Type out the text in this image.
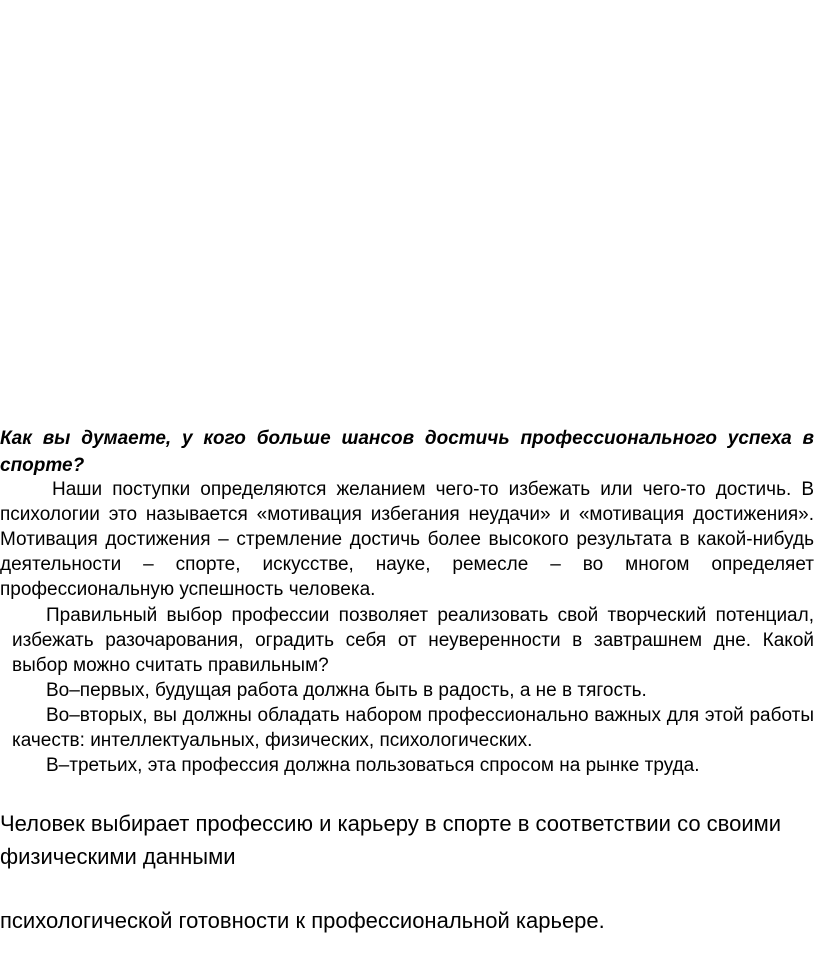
Как вы думаете, у кого больше шансов достичь профессионального успеха в спорте?

Наши поступки определяются желанием чего-то избежать или чего-то достичь. В психологии это называется «мотивация избегания неудачи» и «мотивация достижения». Мотивация достижения – стремление достичь более высокого результата в какой-нибудь деятельности – спорте, искусстве, науке, ремесле – во многом определяет профессиональную успешность человека.

Правильный выбор профессии позволяет реализовать свой творческий потенциал, избежать разочарования, оградить себя от неуверенности в завтрашнем дне. Какой выбор можно считать правильным?

Во–первых, будущая работа должна быть в радость, а не в тягость.

Во–вторых, вы должны обладать набором профессионально важных для этой работы качеств: интеллектуальных, физических, психологических.

В–третьих, эта профессия должна пользоваться спросом на рынке труда.

Человек выбирает профессию и карьеру в спорте в соответствии со своими физическими данными

психологической готовности к профессиональной карьере.
